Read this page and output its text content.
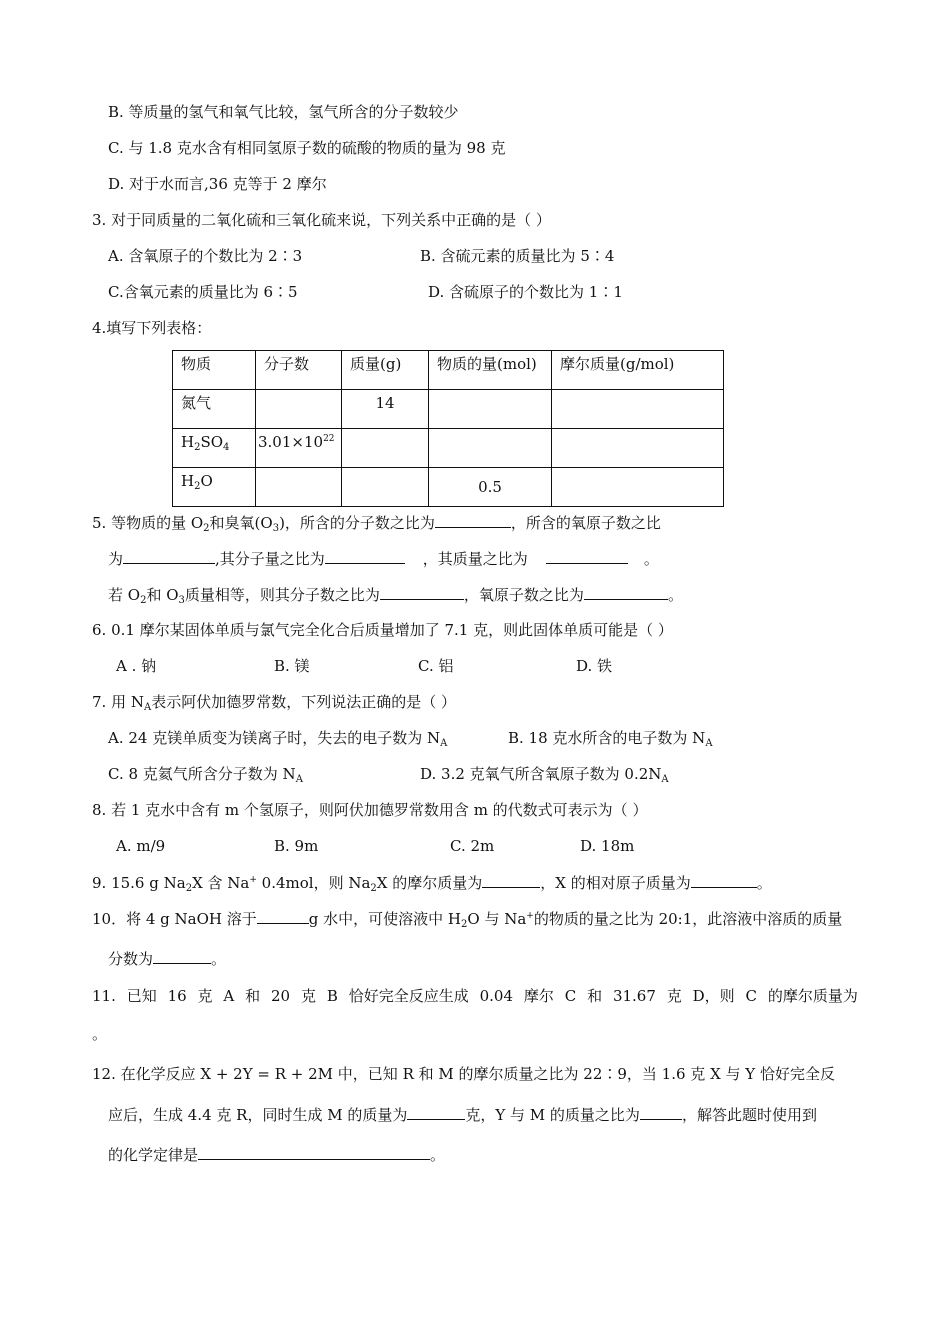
B. 等质量的氢气和氧气比较，氢气所含的分子数较少
C. 与 1.8 克水含有相同氢原子数的硫酸的物质的量为 98 克
D. 对于水而言,36 克等于 2 摩尔
3. 对于同质量的二氧化硫和三氧化硫来说，下列关系中正确的是（ ）
A. 含氧原子的个数比为 2∶3	B. 含硫元素的质量比为 5∶4
C.含氧元素的质量比为 6∶5	D. 含硫原子的个数比为 1∶1
4.填写下列表格：
物质	分子数	质量(g)	物质的量(mol)	摩尔质量(g/mol)
氮气		14		
$H_2SO_4$	$3.01\times 10^{22}$			
$H_2O$			0.5	
5. 等物质的量 $O_2$和臭氧$(O_3)$，所含的分子数之比为	，所含的氧原子数之比
为	,其分子量之比为	，其质量之比为	。
若 $O_2$和 $O_3$质量相等，则其分子数之比为	，氧原子数之比为	。
6. 0.1 摩尔某固体单质与氯气完全化合后质量增加了 7.1 克，则此固体单质可能是（ ）
A . 钠	B. 镁	C. 铝	D. 铁
7. 用 $N_A$表示阿伏加德罗常数，下列说法正确的是（ ）
A. 24 克镁单质变为镁离子时，失去的电子数为 $N_A$	B. 18 克水所含的电子数为 $N_A$
C. 8 克氦气所含分子数为 $N_A$	D. 3.2 克氧气所含氧原子数为 $0.2N_A$
8. 若 1 克水中含有 m 个氢原子，则阿伏加德罗常数用含 m 的代数式可表示为（ ）
A. m/9	B. 9m	C. 2m	D. 18m
9. 15.6 g $Na_2X$ 含 Na+ 0.4mol，则 $Na_2X$ 的摩尔质量为	，X 的相对原子质量为	。
10．将 4 g NaOH 溶于	g 水中，可使溶液中 $H_2O$ 与 Na+的物质的量之比为 20:1，此溶液中溶质的质量
分数为	。
11. 已知 16 克 A 和 20 克 B 恰好完全反应生成 0.04 摩尔 C 和 31.67 克 D，则 C 的摩尔质量为
。
12. 在化学反应 X + 2Y = R + 2M 中，已知 R 和 M 的摩尔质量之比为 22∶9，当 1.6 克 X 与 Y 恰好完全反
应后，生成 4.4 克 R，同时生成 M 的质量为	克，Y 与 M 的质量之比为	，解答此题时使用到
的化学定律是	。
